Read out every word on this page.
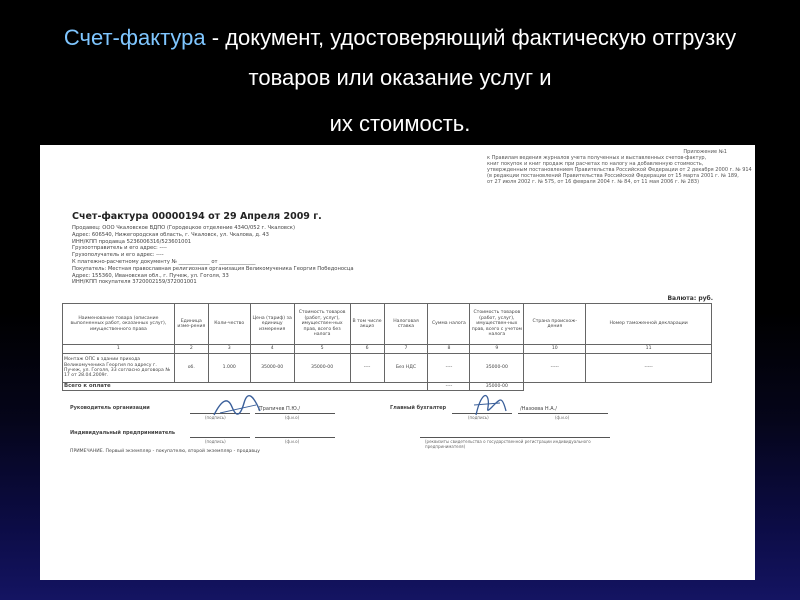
Счет-фактура - документ, удостоверяющий фактическую отгрузку товаров или оказание услуг и
их стоимость.
Приложение №1
к Правилам ведения журналов учета полученных и выставленных счетов-фактур,
книг покупок и книг продаж при расчетах по налогу на добавленную стоимость,
утвержденным постановлением Правительства Российской Федерации от 2 декабря 2000 г. № 914
(в редакции постановлений Правительства Российской Федерации от 15 марта 2001 г. № 189,
от 27 июля 2002 г. № 575, от 16 февраля 2004 г. № 84, от 11 мая 2006 г. № 283)
Счет-фактура 00000194 от 29 Апреля 2009 г.
Продавец: ООО Чкаловское ВДПО (Городецкое отделение 434О/052 г. Чкаловск)
Адрес: 606540, Нижегородская область, г. Чкаловск, ул. Чкалова, д. 43
ИНН/КПП продавца 5236006316/523601001
Грузоотправитель и его адрес: ----
Грузополучатель и его адрес: ----
К платежно-расчетному документу № ____________ от ______________
Покупатель: Местная православная религиозная организация Великомученика Георгия Победоносца
Адрес: 155360, Ивановская обл., г. Пучеж, ул. Гоголя, 33
ИНН/КПП покупателя 3720002159/372001001
Валюта: руб.
Наименование товара (описание выполненных работ, оказанных услуг), имущественного права	Единица изме-рения	Коли-чество	Цена (тариф) за единицу измерения	Стоимость товаров (работ, услуг), имуществен-ных прав, всего без налога	В том числе акциз	Налоговая ставка	Сумма налога	Стоимость товаров (работ, услуг), имуществен-ных прав, всего с учетом налога	Страна происхож-дения	Номер таможенной декларации
1	2	3	4	5	6	7	8	9	10	11
Монтаж ОПС в здании прихода Великомученика Георгия по адресу г. Пучеж, ул. Гоголя, 33 согласно договора № 17 от 28.04.2009г.	об.	1.000	35000-00	35000-00	----	Без НДС	----	35000-00	-----	-----
Всего к оплате							----	35000-00		
Руководитель организации	/Трапичев П.Ю./
(подпись)	(ф.и.о)
Главный бухгалтер	/Назоева Н.А./
(подпись)	(ф.и.о)
Индивидуальный предприниматель
(подпись)	(ф.и.о)	(реквизиты свидетельства о государственной регистрации индивидуального предпринимателя)
ПРИМЕЧАНИЕ. Первый экземпляр - покупателю, второй экземпляр - продавцу
